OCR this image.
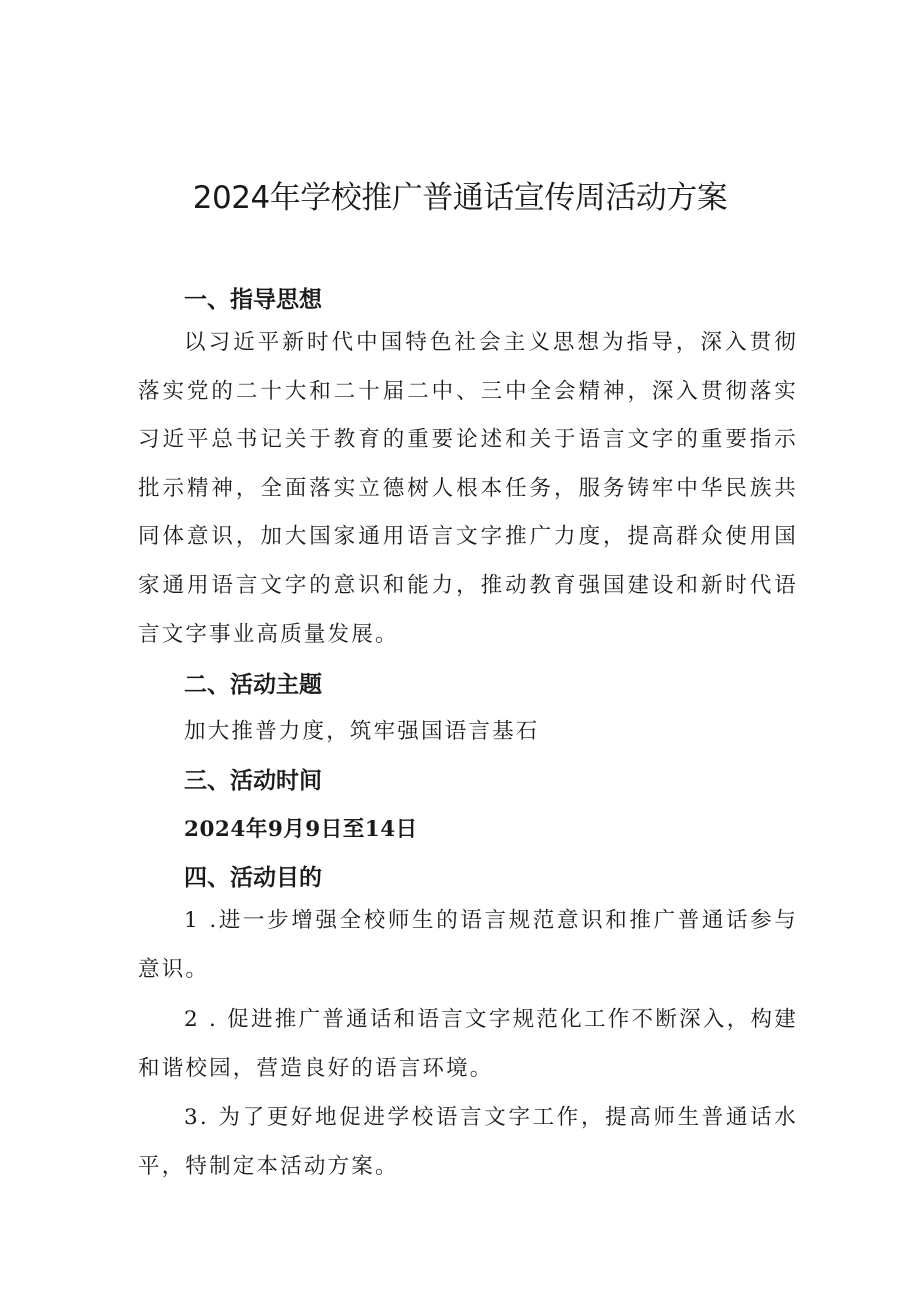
2024年学校推广普通话宣传周活动方案
一、指导思想

以习近平新时代中国特色社会主义思想为指导，深入贯彻落实党的二十大和二十届二中、三中全会精神，深入贯彻落实习近平总书记关于教育的重要论述和关于语言文字的重要指示批示精神，全面落实立德树人根本任务，服务铸牢中华民族共同体意识，加大国家通用语言文字推广力度，提高群众使用国家通用语言文字的意识和能力，推动教育强国建设和新时代语言文字事业高质量发展。

二、活动主题

加大推普力度，筑牢强国语言基石

三、活动时间

2024年9月9日至14日

四、活动目的

1 .进一步增强全校师生的语言规范意识和推广普通话参与意识。

2 . 促进推广普通话和语言文字规范化工作不断深入，构建和谐校园，营造良好的语言环境。

3. 为了更好地促进学校语言文字工作，提高师生普通话水平，特制定本活动方案。
